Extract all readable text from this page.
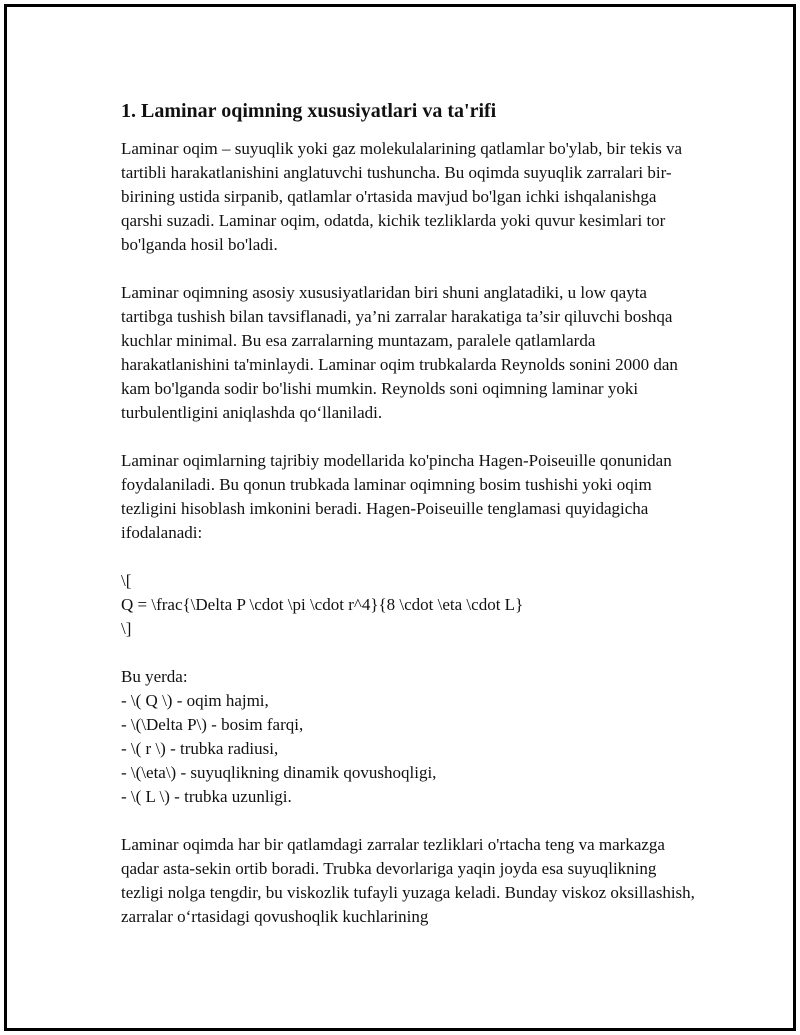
1. Laminar oqimning xususiyatlari va ta'rifi

Laminar oqim – suyuqlik yoki gaz molekulalarining qatlamlar bo'ylab, bir tekis va tartibli harakatlanishini anglatuvchi tushuncha. Bu oqimda suyuqlik zarralari bir-birining ustida sirpanib, qatlamlar o'rtasida mavjud bo'lgan ichki ishqalanishga qarshi suzadi. Laminar oqim, odatda, kichik tezliklarda yoki quvur kesimlari tor bo'lganda hosil bo'ladi.

Laminar oqimning asosiy xususiyatlaridan biri shuni anglatadiki, u low qayta tartibga tushish bilan tavsiflanadi, ya’ni zarralar harakatiga ta’sir qiluvchi boshqa kuchlar minimal. Bu esa zarralarning muntazam, paralele qatlamlarda harakatlanishini ta'minlaydi. Laminar oqim trubkalarda Reynolds sonini 2000 dan kam bo'lganda sodir bo'lishi mumkin. Reynolds soni oqimning laminar yoki turbulentligini aniqlashda qo‘llaniladi.

Laminar oqimlarning tajribiy modellarida ko'pincha Hagen-Poiseuille qonunidan foydalaniladi. Bu qonun trubkada laminar oqimning bosim tushishi yoki oqim tezligini hisoblash imkonini beradi. Hagen-Poiseuille tenglamasi quyidagicha ifodalanadi:

\[
Q = \frac{\Delta P \cdot \pi \cdot r^4}{8 \cdot \eta \cdot L}
\]
Bu yerda:
- \( Q \) - oqim hajmi,
- \(\Delta P\) - bosim farqi,
- \( r \) - trubka radiusi,
- \(\eta\) - suyuqlikning dinamik qovushoqligi,
- \( L \) - trubka uzunligi.

Laminar oqimda har bir qatlamdagi zarralar tezliklari o'rtacha teng va markazga qadar asta-sekin ortib boradi. Trubka devorlariga yaqin joyda esa suyuqlikning tezligi nolga tengdir, bu viskozlik tufayli yuzaga keladi. Bunday viskoz oksillashish, zarralar o‘rtasidagi qovushoqlik kuchlarining
